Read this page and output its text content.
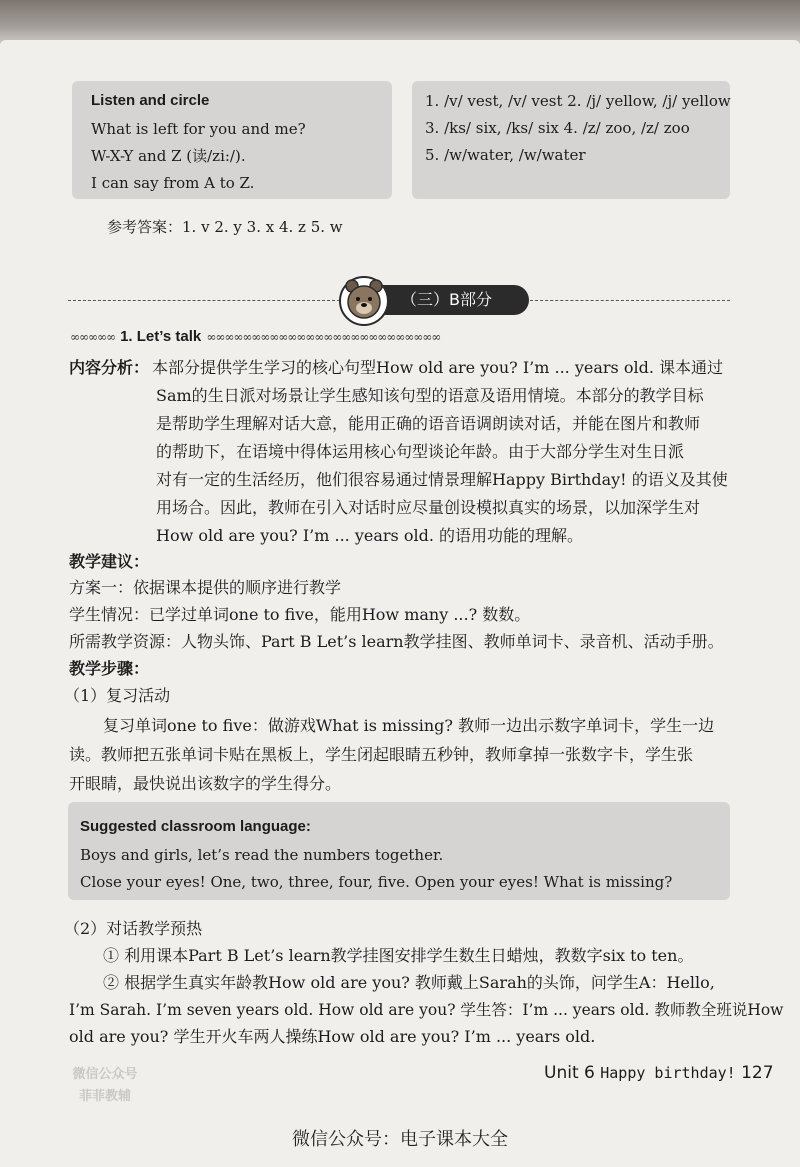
Listen and circle
What is left for you and me?
W-X-Y and Z (读/zi:/).
I can say from A to Z.
1. /v/ vest, /v/ vest 2. /j/ yellow, /j/ yellow
3. /ks/ six, /ks/ six 4. /z/ zoo, /z/ zoo
5. /w/water, /w/water
参考答案：1. v 2. y 3. x 4. z 5. w
（三）B部分
∞∞∞∞∞ 1. Let’s talk ∞∞∞∞∞∞∞∞∞∞∞∞∞∞∞∞∞∞∞∞∞∞∞∞∞∞
内容分析： 本部分提供学生学习的核心句型How old are you? I’m ... years old. 课本通过
Sam的生日派对场景让学生感知该句型的语意及语用情境。本部分的教学目标
是帮助学生理解对话大意，能用正确的语音语调朗读对话，并能在图片和教师
的帮助下，在语境中得体运用核心句型谈论年龄。由于大部分学生对生日派
对有一定的生活经历，他们很容易通过情景理解Happy Birthday! 的语义及其使
用场合。因此，教师在引入对话时应尽量创设模拟真实的场景，以加深学生对
How old are you? I’m ... years old. 的语用功能的理解。
教学建议：
方案一：依据课本提供的顺序进行教学
学生情况：已学过单词one to five，能用How many ...? 数数。
所需教学资源：人物头饰、Part B Let’s learn教学挂图、教师单词卡、录音机、活动手册。
教学步骤：
（1）复习活动
复习单词one to five：做游戏What is missing? 教师一边出示数字单词卡，学生一边
读。教师把五张单词卡贴在黑板上，学生闭起眼睛五秒钟，教师拿掉一张数字卡，学生张
开眼睛，最快说出该数字的学生得分。
Suggested classroom language:
Boys and girls, let’s read the numbers together.
Close your eyes! One, two, three, four, five. Open your eyes! What is missing?
（2）对话教学预热
① 利用课本Part B Let’s learn教学挂图安排学生数生日蜡烛，教数字six to ten。
② 根据学生真实年龄教How old are you? 教师戴上Sarah的头饰，问学生A：Hello,
I’m Sarah. I’m seven years old. How old are you? 学生答：I’m ... years old. 教师教全班说How
old are you? 学生开火车两人操练How old are you? I’m ... years old.
微信公众号
菲菲教辅
Unit 6 Happy birthday! 127
微信公众号：电子课本大全
